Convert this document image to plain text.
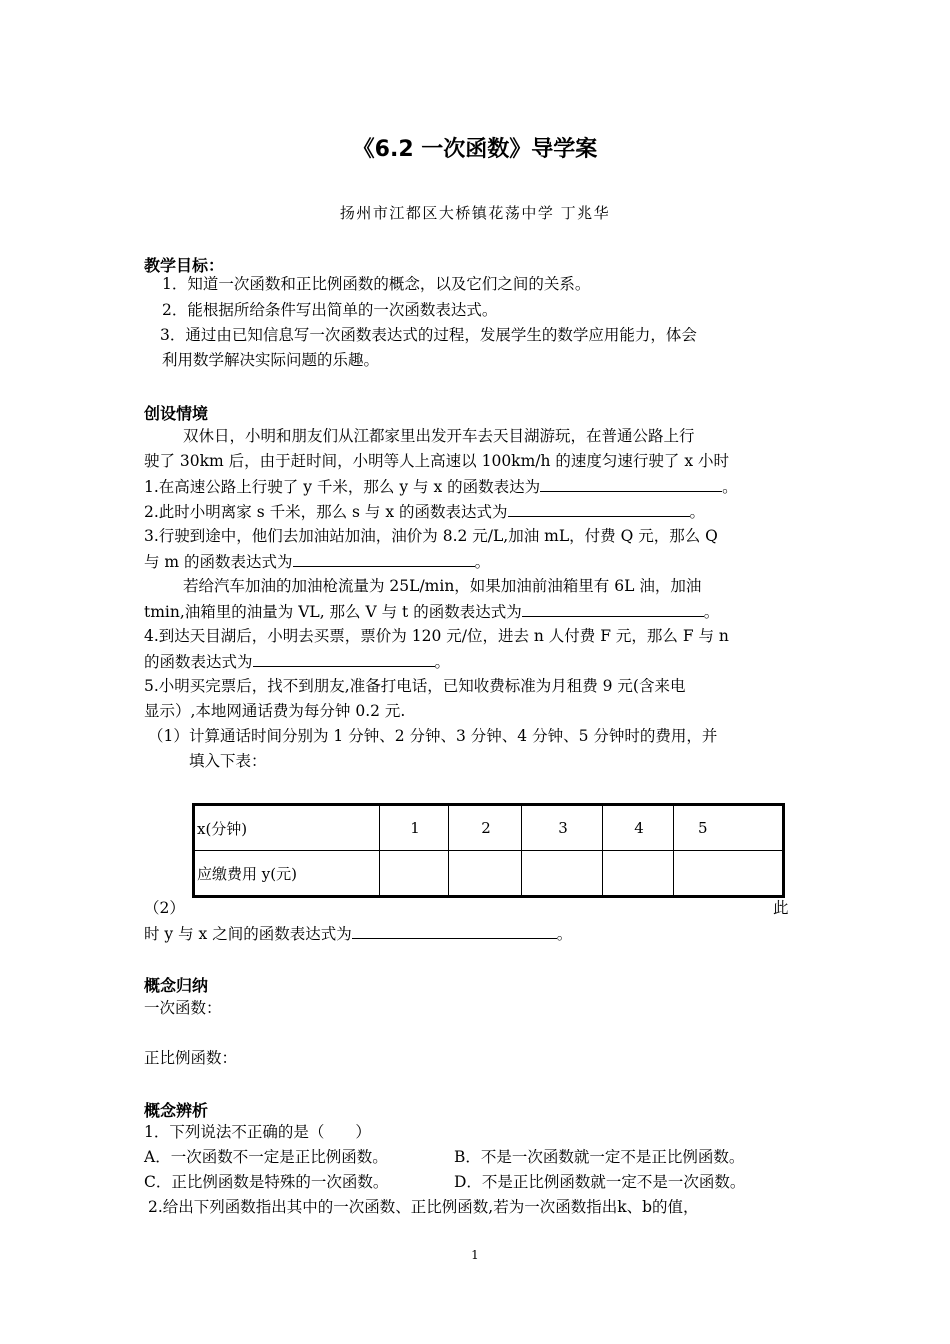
《6.2 一次函数》导学案
扬州市江都区大桥镇花荡中学 丁兆华
教学目标：
1．知道一次函数和正比例函数的概念，以及它们之间的关系。
2．能根据所给条件写出简单的一次函数表达式。
3．通过由已知信息写一次函数表达式的过程，发展学生的数学应用能力，体会
利用数学解决实际问题的乐趣。
创设情境
双休日，小明和朋友们从江都家里出发开车去天目湖游玩，在普通公路上行
驶了 30km 后，由于赶时间，小明等人上高速以 100km/h 的速度匀速行驶了 x 小时
1.在高速公路上行驶了 y 千米，那么 y 与 x 的函数表达为	。
2.此时小明离家 s 千米，那么 s 与 x 的函数表达式为	。
3.行驶到途中，他们去加油站加油，油价为 8.2 元/L,加油 mL，付费 Q 元，那么 Q
与 m 的函数表达式为	。
若给汽车加油的加油枪流量为 25L/min，如果加油前油箱里有 6L 油，加油
tmin,油箱里的油量为 VL, 那么 V 与 t 的函数表达式为	。
4.到达天目湖后，小明去买票，票价为 120 元/位，进去 n 人付费 F 元，那么 F 与 n
的函数表达式为	。
5.小明买完票后，找不到朋友,准备打电话，已知收费标准为月租费 9 元(含来电
显示）,本地网通话费为每分钟 0.2 元.
（1） 计算通话时间分别为 1 分钟、2 分钟、3 分钟、4 分钟、5 分钟时的费用，并
填入下表：
x(分钟)	1	2	3	4	5
应缴费用 y(元)					
（2）	此
时 y 与 x 之间的函数表达式为	。
概念归纳
一次函数：
正比例函数：
概念辨析
1．下列说法不正确的是（　　）
A．一次函数不一定是正比例函数。	B．不是一次函数就一定不是正比例函数。
C．正比例函数是特殊的一次函数。	D．不是正比例函数就一定不是一次函数。
2.给出下列函数指出其中的一次函数、正比例函数,若为一次函数指出k、b的值，
1
